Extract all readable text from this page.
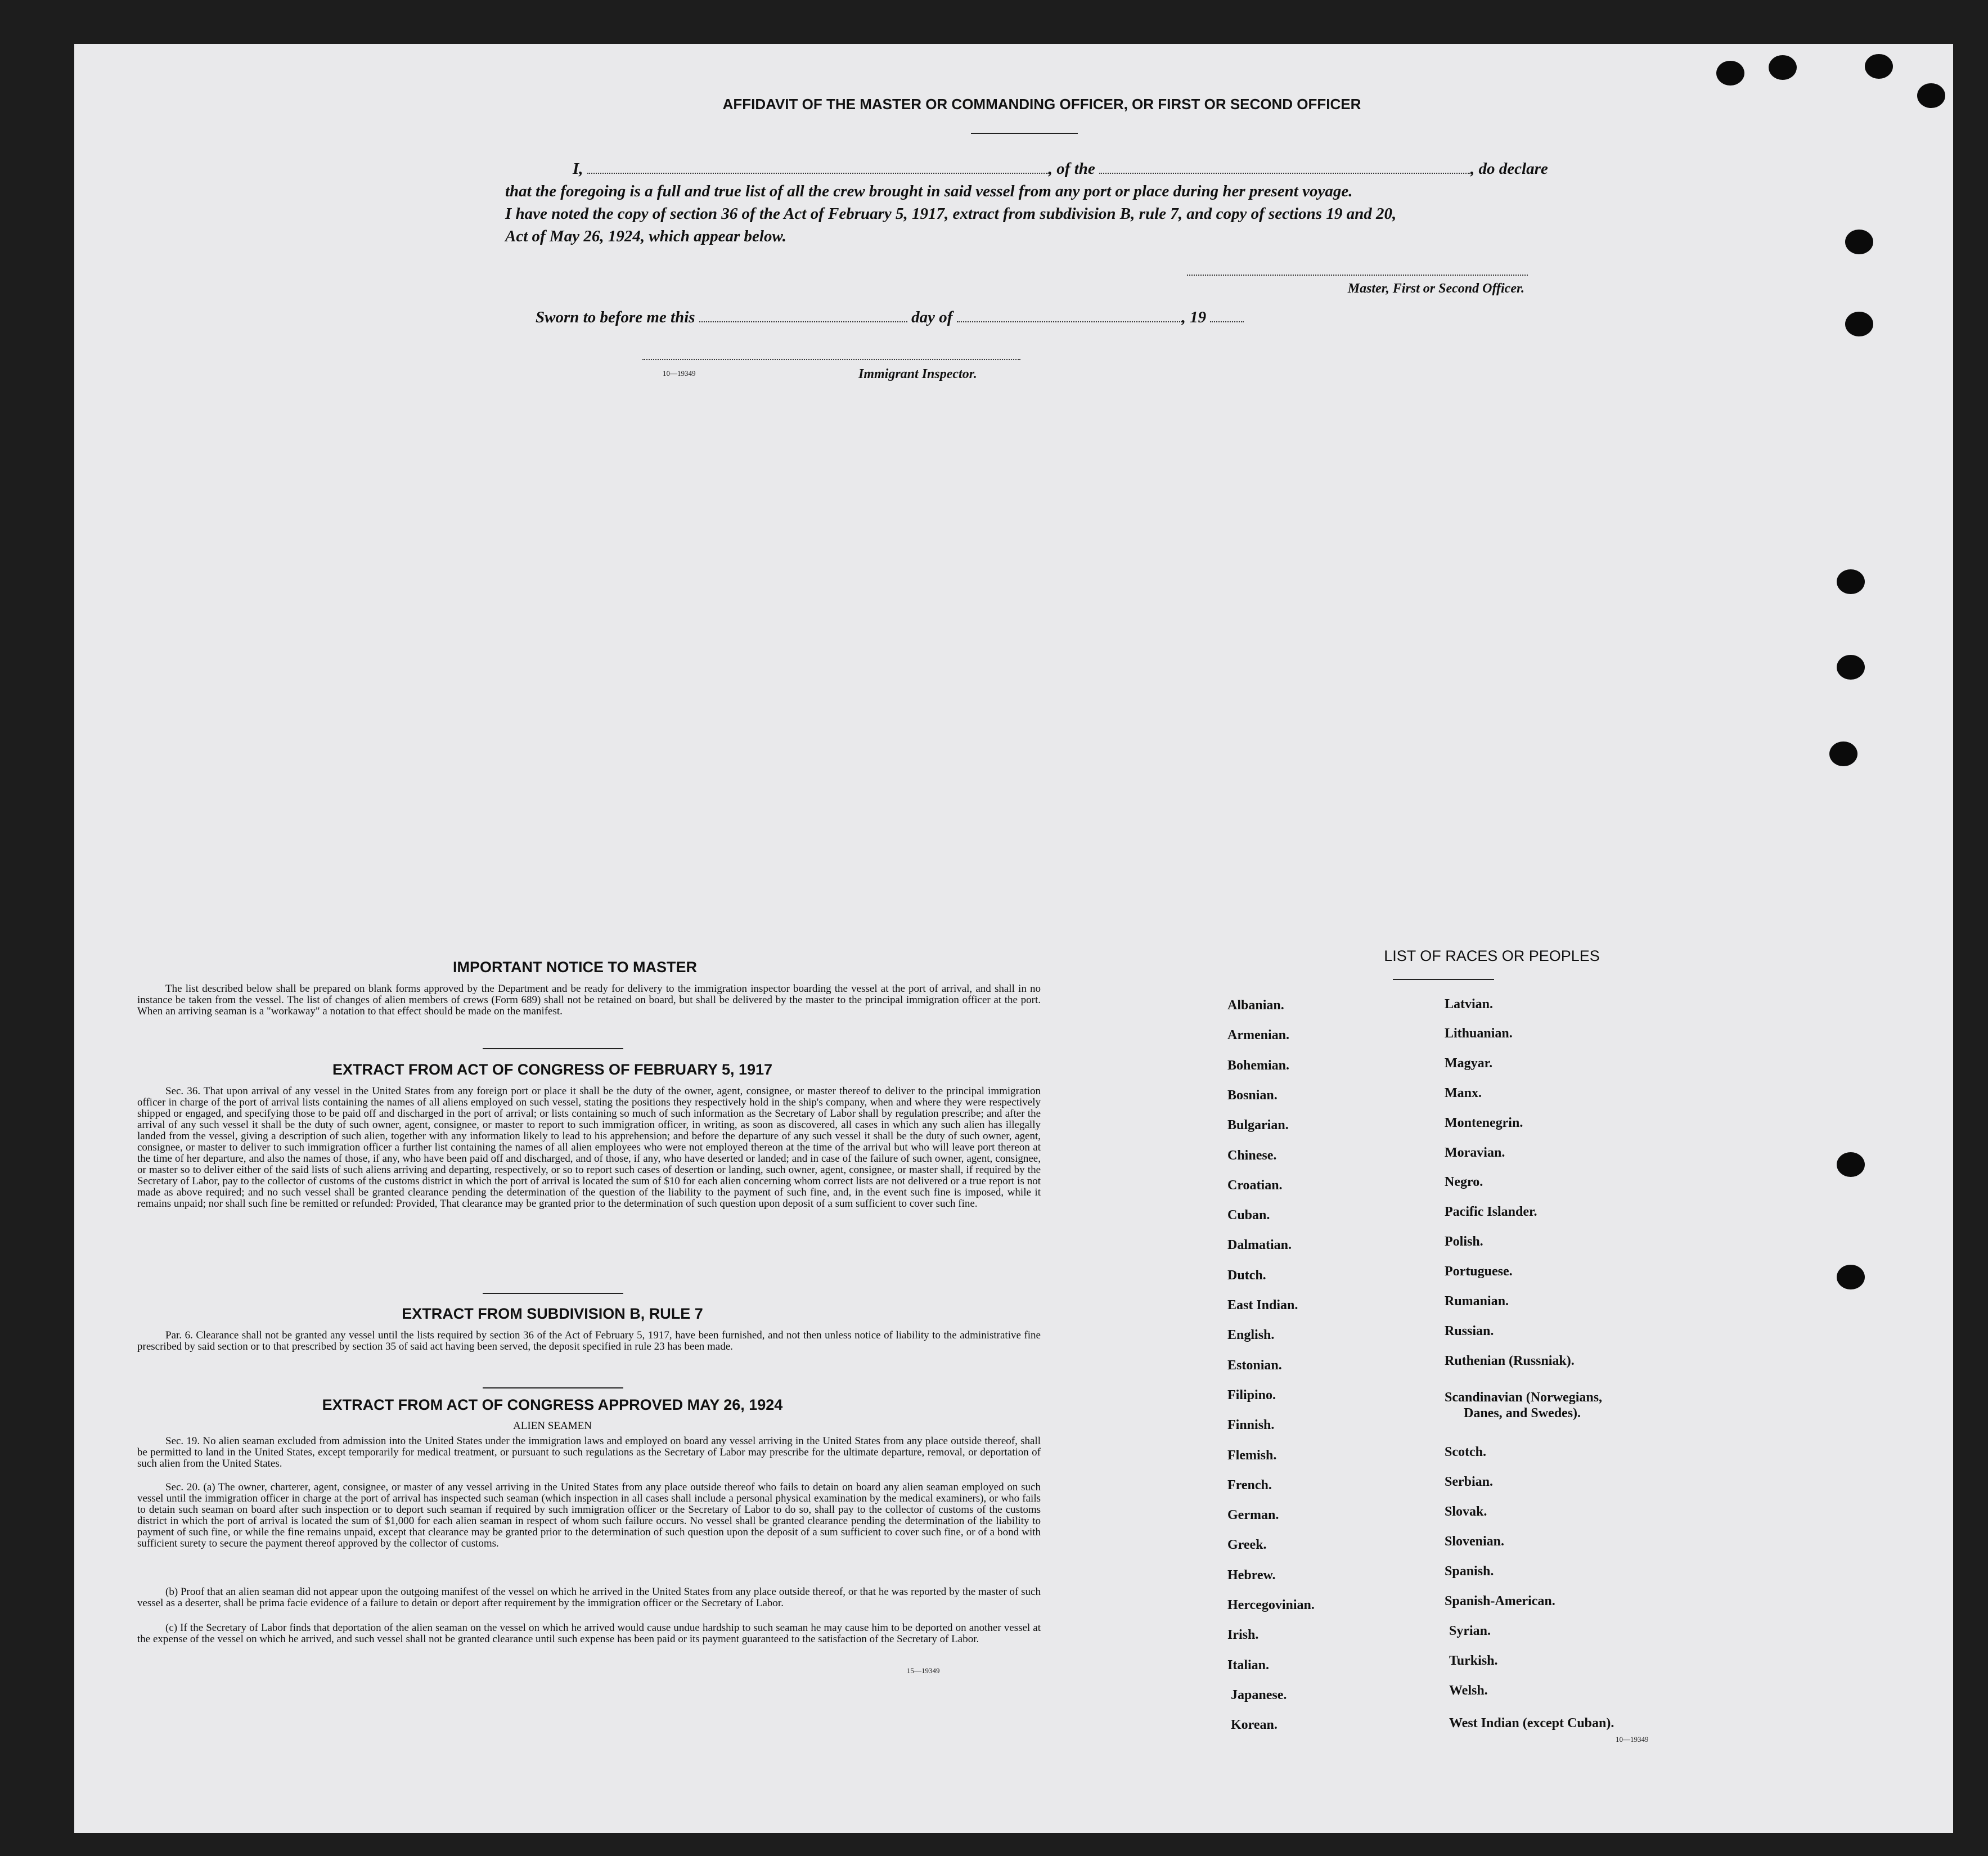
AFFIDAVIT OF THE MASTER OR COMMANDING OFFICER, OR FIRST OR SECOND OFFICER
I,	, of the	, do declare
that the foregoing is a full and true list of all the crew brought in said vessel from any port or place during her present voyage.
I have noted the copy of section 36 of the Act of February 5, 1917, extract from subdivision B, rule 7, and copy of sections 19 and 20,
Act of May 26, 1924, which appear below.
Master, First or Second Officer.
Sworn to before me this	day of	, 19
10—19349	Immigrant Inspector.
IMPORTANT NOTICE TO MASTER
The list described below shall be prepared on blank forms approved by the Department and be ready for delivery to the immigration inspector boarding the vessel at the port of arrival, and shall in no instance be taken from the vessel. The list of changes of alien members of crews (Form 689) shall not be retained on board, but shall be delivered by the master to the principal immigration officer at the port. When an arriving seaman is a "workaway" a notation to that effect should be made on the manifest.
EXTRACT FROM ACT OF CONGRESS OF FEBRUARY 5, 1917
Sec. 36. That upon arrival of any vessel in the United States from any foreign port or place it shall be the duty of the owner, agent, consignee, or master thereof to deliver to the principal immigration officer in charge of the port of arrival lists containing the names of all aliens employed on such vessel, stating the positions they respectively hold in the ship's company, when and where they were respectively shipped or engaged, and specifying those to be paid off and discharged in the port of arrival; or lists containing so much of such information as the Secretary of Labor shall by regulation prescribe; and after the arrival of any such vessel it shall be the duty of such owner, agent, consignee, or master to report to such immigration officer, in writing, as soon as discovered, all cases in which any such alien has illegally landed from the vessel, giving a description of such alien, together with any information likely to lead to his apprehension; and before the departure of any such vessel it shall be the duty of such owner, agent, consignee, or master to deliver to such immigration officer a further list containing the names of all alien employees who were not employed thereon at the time of the arrival but who will leave port thereon at the time of her departure, and also the names of those, if any, who have been paid off and discharged, and of those, if any, who have deserted or landed; and in case of the failure of such owner, agent, consignee, or master so to deliver either of the said lists of such aliens arriving and departing, respectively, or so to report such cases of desertion or landing, such owner, agent, consignee, or master shall, if required by the Secretary of Labor, pay to the collector of customs of the customs district in which the port of arrival is located the sum of $10 for each alien concerning whom correct lists are not delivered or a true report is not made as above required; and no such vessel shall be granted clearance pending the determination of the question of the liability to the payment of such fine, and, in the event such fine is imposed, while it remains unpaid; nor shall such fine be remitted or refunded: Provided, That clearance may be granted prior to the determination of such question upon deposit of a sum sufficient to cover such fine.
EXTRACT FROM SUBDIVISION B, RULE 7
Par. 6. Clearance shall not be granted any vessel until the lists required by section 36 of the Act of February 5, 1917, have been furnished, and not then unless notice of liability to the administrative fine prescribed by said section or to that prescribed by section 35 of said act having been served, the deposit specified in rule 23 has been made.
EXTRACT FROM ACT OF CONGRESS APPROVED MAY 26, 1924
ALIEN SEAMEN
Sec. 19. No alien seaman excluded from admission into the United States under the immigration laws and employed on board any vessel arriving in the United States from any place outside thereof, shall be permitted to land in the United States, except temporarily for medical treatment, or pursuant to such regulations as the Secretary of Labor may prescribe for the ultimate departure, removal, or deportation of such alien from the United States.
Sec. 20. (a) The owner, charterer, agent, consignee, or master of any vessel arriving in the United States from any place outside thereof who fails to detain on board any alien seaman employed on such vessel until the immigration officer in charge at the port of arrival has inspected such seaman (which inspection in all cases shall include a personal physical examination by the medical examiners), or who fails to detain such seaman on board after such inspection or to deport such seaman if required by such immigration officer or the Secretary of Labor to do so, shall pay to the collector of customs of the customs district in which the port of arrival is located the sum of $1,000 for each alien seaman in respect of whom such failure occurs. No vessel shall be granted clearance pending the determination of the liability to payment of such fine, or while the fine remains unpaid, except that clearance may be granted prior to the determination of such question upon the deposit of a sum sufficient to cover such fine, or of a bond with sufficient surety to secure the payment thereof approved by the collector of customs.
(b) Proof that an alien seaman did not appear upon the outgoing manifest of the vessel on which he arrived in the United States from any place outside thereof, or that he was reported by the master of such vessel as a deserter, shall be prima facie evidence of a failure to detain or deport after requirement by the immigration officer or the Secretary of Labor.
(c) If the Secretary of Labor finds that deportation of the alien seaman on the vessel on which he arrived would cause undue hardship to such seaman he may cause him to be deported on another vessel at the expense of the vessel on which he arrived, and such vessel shall not be granted clearance until such expense has been paid or its payment guaranteed to the satisfaction of the Secretary of Labor.
15—19349
LIST OF RACES OR PEOPLES
10—19349
Albanian.
Armenian.
Bohemian.
Bosnian.
Bulgarian.
Chinese.
Croatian.
Cuban.
Dalmatian.
Dutch.
East Indian.
English.
Estonian.
Filipino.
Finnish.
Flemish.
French.
German.
Greek.
Hebrew.
Hercegovinian.
Irish.
Italian.
Japanese.
Korean.
Latvian.
Lithuanian.
Magyar.
Manx.
Montenegrin.
Moravian.
Negro.
Pacific Islander.
Polish.
Portuguese.
Rumanian.
Russian.
Ruthenian (Russniak).
Scandinavian (Norwegians,
Danes, and Swedes).
Scotch.
Serbian.
Slovak.
Slovenian.
Spanish.
Spanish-American.
Syrian.
Turkish.
Welsh.
West Indian (except Cuban).
